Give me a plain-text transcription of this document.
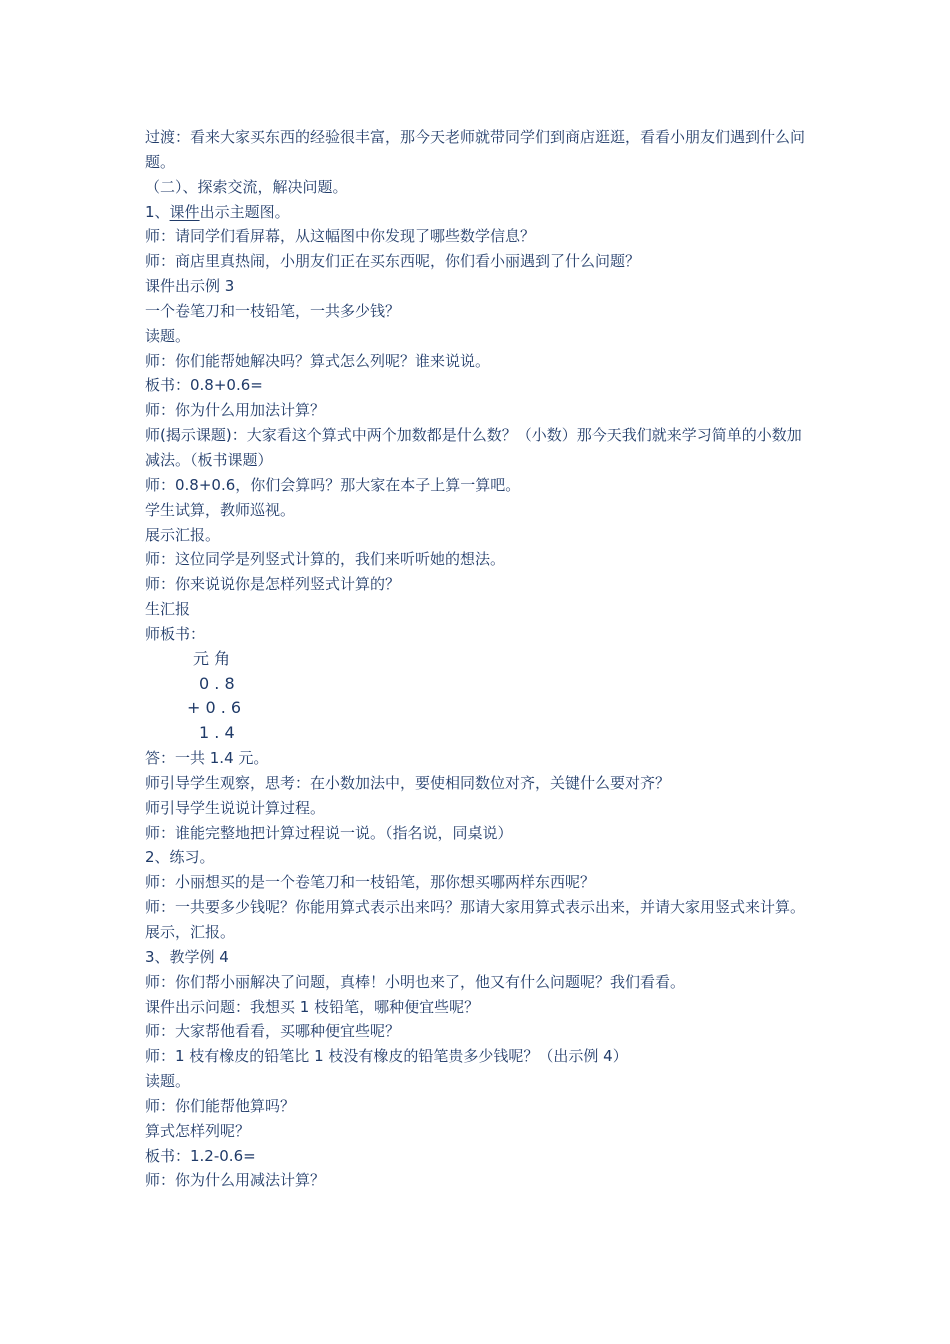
过渡：看来大家买东西的经验很丰富，那今天老师就带同学们到商店逛逛，看看小朋友们遇到什么问题。

（二）、探索交流，解决问题。

1、课件出示主题图。

师：请同学们看屏幕，从这幅图中你发现了哪些数学信息？

师：商店里真热闹，小朋友们正在买东西呢，你们看小丽遇到了什么问题？

课件出示例 3

一个卷笔刀和一枝铅笔，一共多少钱？

读题。

师：你们能帮她解决吗？算式怎么列呢？谁来说说。

板书：0.8+0.6=

师：你为什么用加法计算？

师(揭示课题)：大家看这个算式中两个加数都是什么数？（小数）那今天我们就来学习简单的小数加减法。（板书课题）

师：0.8+0.6，你们会算吗？那大家在本子上算一算吧。

学生试算，教师巡视。

展示汇报。

师：这位同学是列竖式计算的，我们来听听她的想法。

师：你来说说你是怎样列竖式计算的？

生汇报

师板书：

元 角

0 . 8

+ 0 . 6

1 . 4

答：一共 1.4 元。

师引导学生观察，思考：在小数加法中，要使相同数位对齐，关键什么要对齐？

师引导学生说说计算过程。

师：谁能完整地把计算过程说一说。（指名说，同桌说）

2、练习。

师：小丽想买的是一个卷笔刀和一枝铅笔，那你想买哪两样东西呢？

师：一共要多少钱呢？你能用算式表示出来吗？那请大家用算式表示出来，并请大家用竖式来计算。

展示，汇报。

3、教学例 4

师：你们帮小丽解决了问题，真棒！小明也来了，他又有什么问题呢？我们看看。

课件出示问题：我想买 1 枝铅笔，哪种便宜些呢？

师：大家帮他看看，买哪种便宜些呢？

师：1 枝有橡皮的铅笔比 1 枝没有橡皮的铅笔贵多少钱呢？（出示例 4）

读题。

师：你们能帮他算吗？

算式怎样列呢？

板书：1.2-0.6=

师：你为什么用减法计算？
